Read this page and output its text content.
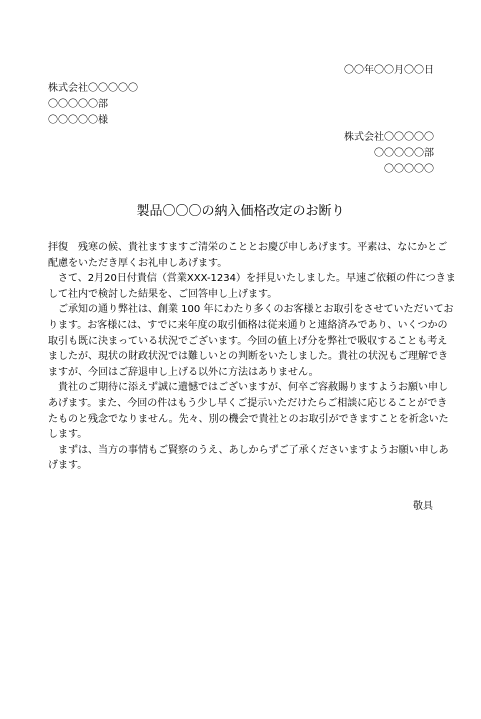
〇〇年〇〇月〇〇日
株式会社〇〇〇〇〇
〇〇〇〇〇部
〇〇〇〇〇様
株式会社〇〇〇〇〇
〇〇〇〇〇部
〇〇〇〇〇
製品〇〇〇の納入価格改定のお断り
拝復　残寒の候、貴社ますますご清栄のこととお慶び申しあげます。平素は、なにかとご
配慮をいただき厚くお礼申しあげます。
　さて、2月20日付貴信（営業XXX-1234）を拝見いたしました。早速ご依頼の件につきま
して社内で検討した結果を、ご回答申し上げます。
　ご承知の通り弊社は、創業 100 年にわたり多くのお客様とお取引をさせていただいてお
ります。お客様には、すでに来年度の取引価格は従来通りと連絡済みであり、いくつかの
取引も既に決まっている状況でございます。今回の値上げ分を弊社で吸収することも考え
ましたが、現状の財政状況では難しいとの判断をいたしました。貴社の状況もご理解でき
ますが、今回はご辞退申し上げる以外に方法はありません。
　貴社のご期待に添えず誠に遺憾ではございますが、何卒ご容赦賜りますようお願い申し
あげます。また、今回の件はもう少し早くご提示いただけたらご相談に応じることができ
たものと残念でなりません。先々、別の機会で貴社とのお取引ができますことを祈念いた
します。
　まずは、当方の事情もご賢察のうえ、あしからずご了承くださいますようお願い申しあ
げます。
敬具
